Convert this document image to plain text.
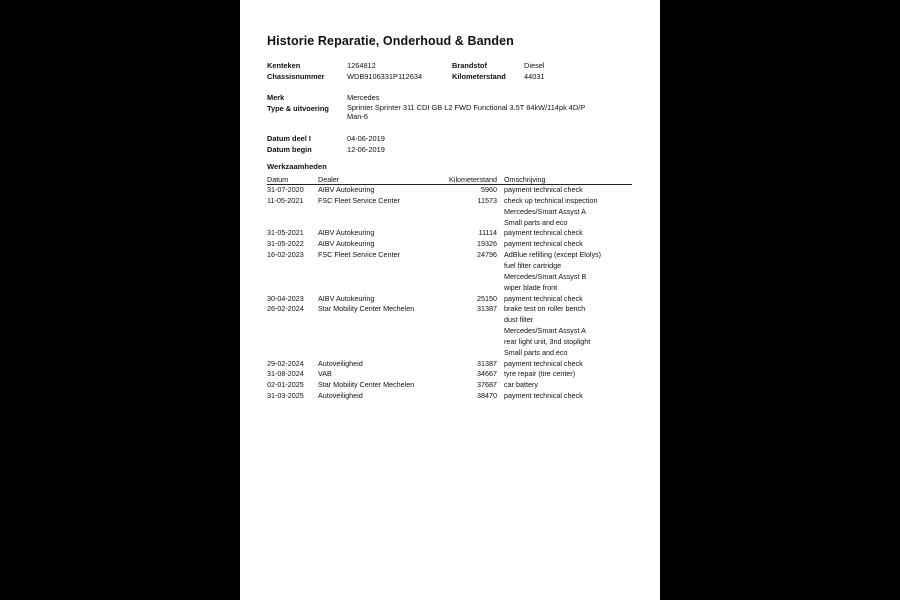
Historie Reparatie, Onderhoud & Banden
Kenteken	1264812	Brandstof	Diesel
Chassisnummer	WDB9106331P112634	Kilometerstand 44031
Merk	Mercedes
Type & uitvoering Sprinter Sprinter 311 CDI GB L2 FWD Functional 3.5T 84kW/114pk 4D/P Man-6
Datum deel I	04-06-2019
Datum begin	12-06-2019
Werkzaamheden
Datum	Dealer	Kilometerstand Omschrijving
31-07-2020 AIBV Autokeuring	5960 payment technical check
11-05-2021 FSC Fleet Service Center	11573 check up technical inspection
Mercedes/Smart Assyst A
Small parts and eco
31-05-2021 AIBV Autokeuring	11114 payment technical check
31-05-2022 AIBV Autokeuring	19326 payment technical check
16-02-2023 FSC Fleet Service Center	24796 AdBlue refilling (except Elolys)
fuel filter cartridge
Mercedes/Smart Assyst B
wiper blade front
30-04-2023 AIBV Autokeuring	25150 payment technical check
26-02-2024 Star Mobility Center Mechelen	31387 brake test on roller bench
dust filter
Mercedes/Smart Assyst A
rear light unit, 3nd stoplight
Small parts and eco
29-02-2024 Autoveiligheid	31387 payment technical check
31-08-2024 VAB	34667 tyre repair (tire center)
02-01-2025 Star Mobility Center Mechelen	37687 car battery
31-03-2025 Autoveiligheid	38470 payment technical check
